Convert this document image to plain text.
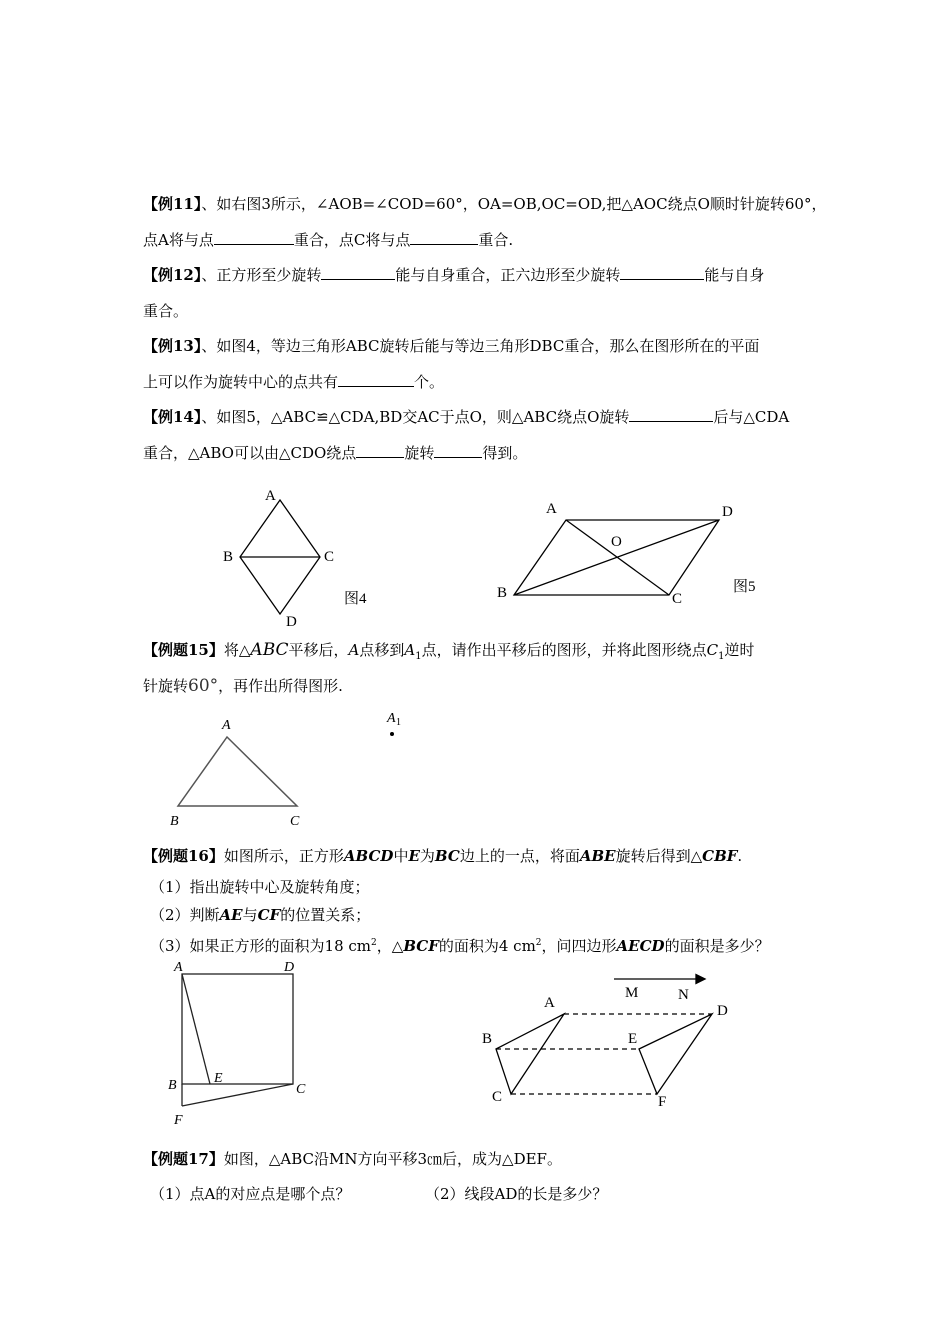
【例11】、如右图3所示，∠AOB=∠COD=60°，OA=OB,OC=OD,把△AOC绕点O顺时针旋转60°，
点A将与点	重合，点C将与点	重合.
【例12】、正方形至少旋转	能与自身重合，正六边形至少旋转	能与自身
重合。
【例13】、如图4，等边三角形ABC旋转后能与等边三角形DBC重合，那么在图形所在的平面
上可以作为旋转中心的点共有	个。
【例14】、如图5，△ABC≌△CDA,BD交AC于点O，则△ABC绕点O旋转	后与△CDA
重合，△ABO可以由△CDO绕点	旋转	得到。
【例题15】将△ABC平移后，A点移到$A_1$点，请作出平移后的图形，并将此图形绕点$C_1$逆时
针旋转60°，再作出所得图形.
【例题16】如图所示，正方形ABCD中E为BC边上的一点，将面ABE旋转后得到△CBF.
（1）指出旋转中心及旋转角度；
（2）判断AE与CF的位置关系；
（3）如果正方形的面积为18 $cm^2$，△BCF的面积为4 $cm^2$，问四边形AECD的面积是多少？
【例题17】如图，△ABC沿MN方向平移3㎝后，成为△DEF。
（1）点A的对应点是哪个点？	（2）线段AD的长是多少？
A
B	C
D
图4
A
B	C
D
O
图5
A
B	C
A 1
A	D
B	E
C
F
A
B
C
D
E
F
M	N
